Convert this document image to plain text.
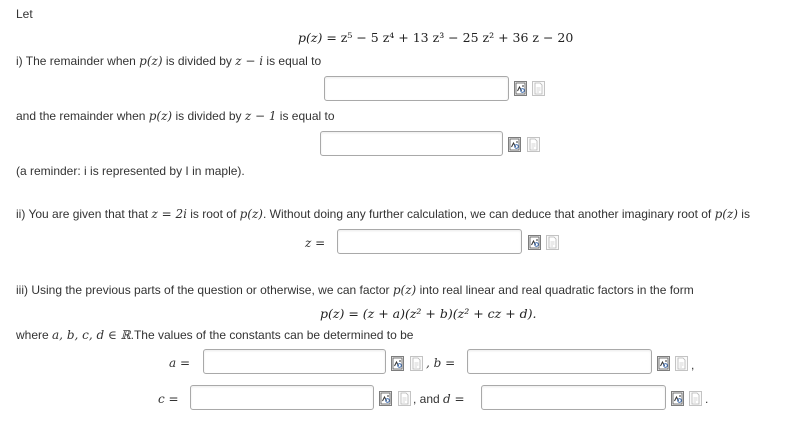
Let
p(z) = z⁵ − 5 z⁴ + 13 z³ − 25 z² + 36 z − 20
i) The remainder when p(z) is divided by z − i is equal to
and the remainder when p(z) is divided by z − 1 is equal to
(a reminder: i is represented by I in maple).
ii) You are given that that z = 2i is root of p(z). Without doing any further calculation, we can deduce that another imaginary root of p(z) is
z =
iii) Using the previous parts of the question or otherwise, we can factor p(z) into real linear and real quadratic factors in the form
p(z) = (z + a)(z² + b)(z² + cz + d).
where a, b, c, d ∈ ℝ.The values of the constants can be determined to be
a =	, b =	,
c =	, and d =	.
